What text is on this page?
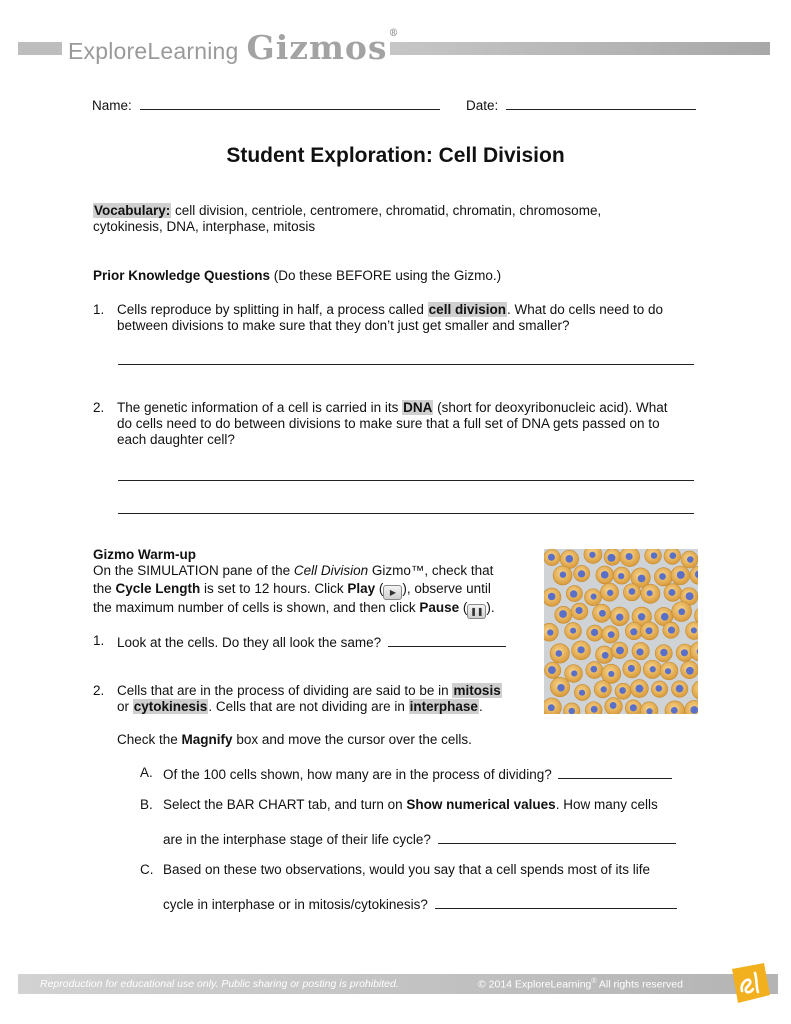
ExploreLearning Gizmos®
Name:	Date:
Student Exploration: Cell Division
Vocabulary: cell division, centriole, centromere, chromatid, chromatin, chromosome,
cytokinesis, DNA, interphase, mitosis
Prior Knowledge Questions (Do these BEFORE using the Gizmo.)
1. Cells reproduce by splitting in half, a process called cell division. What do cells need to do
between divisions to make sure that they don’t just get smaller and smaller?
2. The genetic information of a cell is carried in its DNA (short for deoxyribonucleic acid). What
do cells need to do between divisions to make sure that a full set of DNA gets passed on to
each daughter cell?
Gizmo Warm-up
On the SIMULATION pane of the Cell Division Gizmo™, check that
the Cycle Length is set to 12 hours. Click Play ( ▶ ), observe until
the maximum number of cells is shown, and then click Pause ( ❚❚ ).
1. Look at the cells. Do they all look the same?
2. Cells that are in the process of dividing are said to be in mitosis
or cytokinesis. Cells that are not dividing are in interphase.
Check the Magnify box and move the cursor over the cells.
A. Of the 100 cells shown, how many are in the process of dividing?
B. Select the BAR CHART tab, and turn on Show numerical values. How many cells
are in the interphase stage of their life cycle?
C. Based on these two observations, would you say that a cell spends most of its life
cycle in interphase or in mitosis/cytokinesis?
Reproduction for educational use only. Public sharing or posting is prohibited.	© 2014 ExploreLearning® All rights reserved
